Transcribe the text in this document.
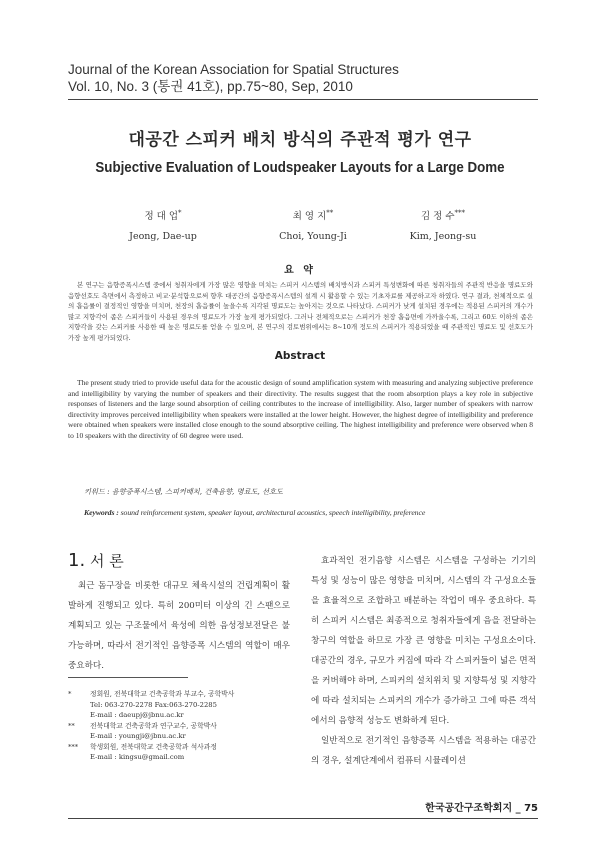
Journal of the Korean Association for Spatial Structures
Vol. 10, No. 3 (통권 41호), pp.75~80, Sep, 2010
대공간 스피커 배치 방식의 주관적 평가 연구
Subjective Evaluation of Loudspeaker Layouts for a Large Dome
정 대 업*
Jeong, Dae-up
최 영 지**
Choi, Young-Ji
김 정 수***
Kim, Jeong-su
요 약
본 연구는 음향증폭시스템 중에서 청취자에게 가장 많은 영향을 미치는 스피커 시스템의 배치방식과 스피커 특성변화에 따른 청취자들의 주관적 반응을 명료도와 음향선호도 측면에서 측정하고 비교·분석함으로써 향후 대공간의 음향증폭시스템의 설계 시 활용할 수 있는 기초자료를 제공하고자 하였다. 연구 결과, 천체적으로 실의 흡음률이 결정적인 영향을 미치며, 천장의 흡음률이 높을수록 지각된 명료도는 높아지는 것으로 나타났다. 스피커가 낮게 설치된 경우에는 적용된 스피커의 개수가 많고 지향각이 좁은 스피커들이 사용된 경우의 명료도가 가장 높게 평가되었다. 그러나 전체적으로는 스피커가 천장 흡음면에 가까울수록, 그리고 60도 이하의 좁은 지향각을 갖는 스피커를 사용한 때 높은 명료도를 얻을 수 있으며, 본 연구의 검토범위에서는 8~10개 정도의 스피커가 적용되었을 때 주관적인 명료도 및 선호도가 가장 높게 평가되었다.
Abstract
The present study tried to provide useful data for the acoustic design of sound amplification system with measuring and analyzing subjective preference and intelligibility by varying the number of speakers and their directivity. The results suggest that the room absorption plays a key role in subjective responses of listeners and the large sound absorption of ceiling contributes to the increase of intelligibility. Also, larger number of speakers with narrow directivity improves perceived intelligibility when speakers were installed at the lower height. However, the highest degree of intelligibility and preference were obtained when speakers were installed close enough to the sound absorptive ceiling. The highest intelligibility and preference were observed when 8 to 10 speakers with the directivity of 60 degree were used.
키워드 : 음향증폭시스템, 스피커배치, 건축음향, 명료도, 선호도
Keywords : sound reinforcement system, speaker layout, architectural acoustics, speech intelligibility, preference
1. 서 론

최근 돔구장을 비롯한 대규모 체육시설의 건립계획이 활발하게 진행되고 있다. 특히 200미터 이상의 긴 스팬으로 계획되고 있는 구조물에서 육성에 의한 음성정보전달은 불가능하며, 따라서 전기적인 음향증폭 시스템의 역할이 매우 중요하다.

효과적인 전기음향 시스템은 시스템을 구성하는 기기의 특성 및 성능이 많은 영향을 미치며, 시스템의 각 구성요소들을 효율적으로 조합하고 배분하는 작업이 매우 중요하다. 특히 스피커 시스템은 최종적으로 청취자들에게 음을 전달하는 창구의 역할을 하므로 가장 큰 영향을 미치는 구성요소이다. 대공간의 경우, 규모가 커짐에 따라 각 스피커들이 넓은 면적을 커버해야 하며, 스피커의 설치위치 및 지향특성 및 지향각에 따라 설치되는 스피커의 개수가 증가하고 그에 따른 객석에서의 음향적 성능도 변화하게 된다.

일반적으로 전기적인 음향증폭 시스템을 적용하는 대공간의 경우, 설계단계에서 컴퓨터 시뮬레이션

*	정회원, 전북대학교 건축공학과 부교수, 공학박사
Tel: 063-270-2278 Fax:063-270-2285
E-mail : daeupj@jbnu.ac.kr
** 전북대학교 건축공학과 연구교수, 공학박사
E-mail : youngji@jbnu.ac.kr
*** 학생회원, 전북대학교 건축공학과 석사과정
E-mail : kingsu@gmail.com
한국공간구조학회지 _ 75
